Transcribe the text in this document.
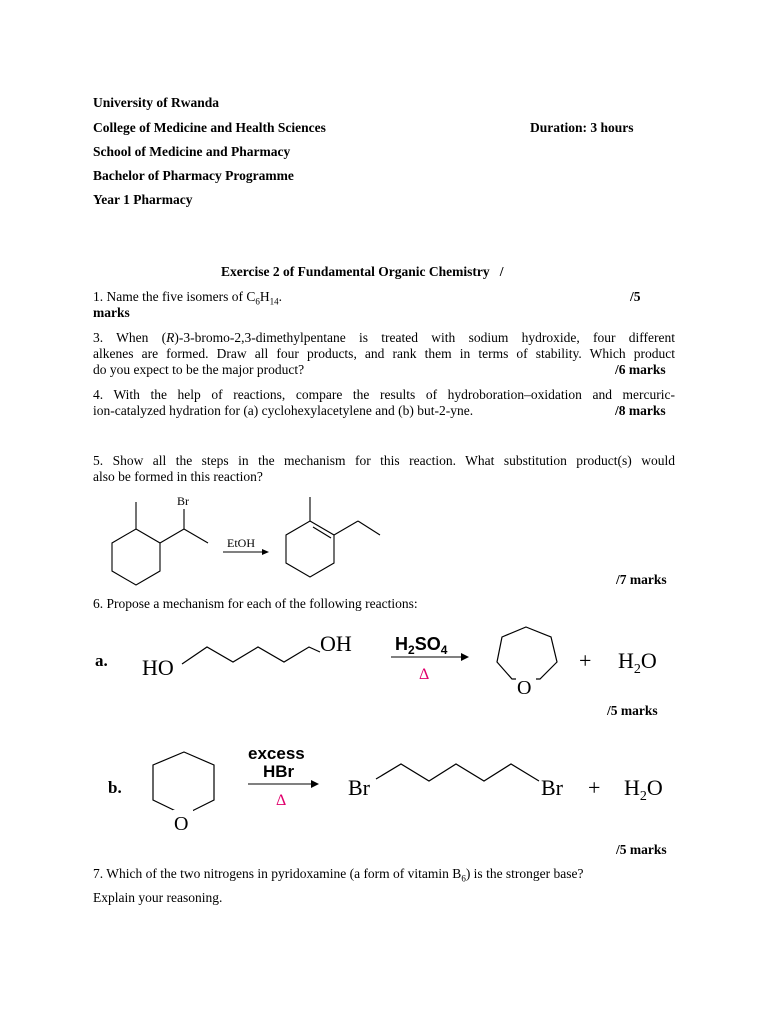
University of Rwanda
College of Medicine and Health Sciences	Duration: 3 hours
School of Medicine and Pharmacy
Bachelor of Pharmacy Programme
Year 1 Pharmacy
Exercise 2 of Fundamental Organic Chemistry /
1. Name the five isomers of $C_6H_{14}$.	/5
marks
3. When (R)-3-bromo-2,3-dimethylpentane is treated with sodium hydroxide, four different
alkenes are formed. Draw all four products, and rank them in terms of stability. Which product
do you expect to be the major product?	/6 marks
4. With the help of reactions, compare the results of hydroboration–oxidation and mercuric-
ion-catalyzed hydration for (a) cyclohexylacetylene and (b) but-2-yne.	/8 marks
5. Show all the steps in the mechanism for this reaction. What substitution product(s) would
also be formed in this reaction?
Br
EtOH
a. HO
OH $H_2SO_4$
Δ
O
+ $H_2O$
b.
O
excess
HBr
Δ
Br	$Br + H_2O$
/7 marks
6. Propose a mechanism for each of the following reactions:
/5 marks
/5 marks
7. Which of the two nitrogens in pyridoxamine (a form of vitamin $B_6$) is the stronger base?
Explain your reasoning.
